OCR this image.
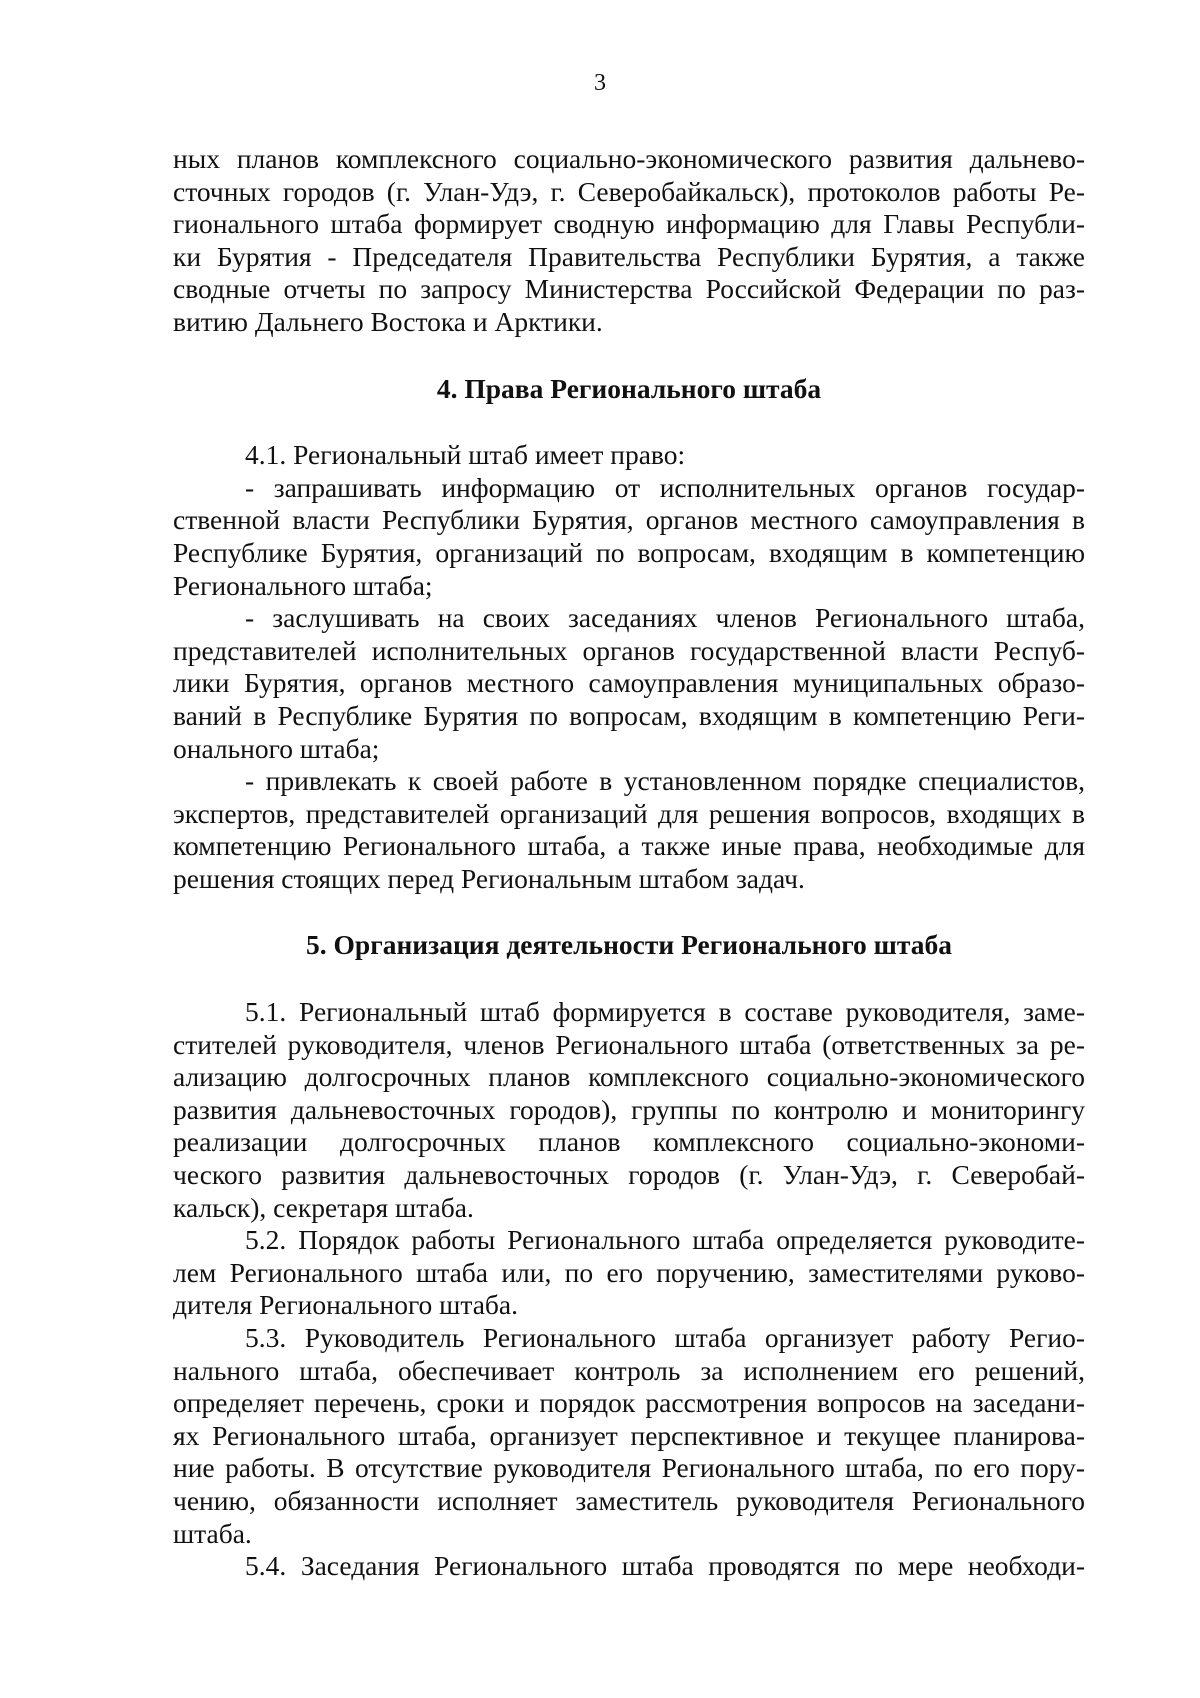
3
ных планов комплексного социально-экономического развития дальнево-
сточных городов (г. Улан-Удэ, г. Северобайкальск), протоколов работы Ре-
гионального штаба формирует сводную информацию для Главы Республи-
ки Бурятия - Председателя Правительства Республики Бурятия, а также
сводные отчеты по запросу Министерства Российской Федерации по раз-
витию Дальнего Востока и Арктики.
4. Права Регионального штаба
4.1. Региональный штаб имеет право:
- запрашивать информацию от исполнительных органов государ-
ственной власти Республики Бурятия, органов местного самоуправления в
Республике Бурятия, организаций по вопросам, входящим в компетенцию
Регионального штаба;
- заслушивать на своих заседаниях членов Регионального штаба,
представителей исполнительных органов государственной власти Респуб-
лики Бурятия, органов местного самоуправления муниципальных образо-
ваний в Республике Бурятия по вопросам, входящим в компетенцию Реги-
онального штаба;
- привлекать к своей работе в установленном порядке специалистов,
экспертов, представителей организаций для решения вопросов, входящих в
компетенцию Регионального штаба, а также иные права, необходимые для
решения стоящих перед Региональным штабом задач.
5. Организация деятельности Регионального штаба
5.1. Региональный штаб формируется в составе руководителя, заме-
стителей руководителя, членов Регионального штаба (ответственных за ре-
ализацию долгосрочных планов комплексного социально-экономического
развития дальневосточных городов), группы по контролю и мониторингу
реализации долгосрочных планов комплексного социально-экономи-
ческого развития дальневосточных городов (г. Улан-Удэ, г. Северобай-
кальск), секретаря штаба.
5.2. Порядок работы Регионального штаба определяется руководите-
лем Регионального штаба или, по его поручению, заместителями руково-
дителя Регионального штаба.
5.3. Руководитель Регионального штаба организует работу Регио-
нального штаба, обеспечивает контроль за исполнением его решений,
определяет перечень, сроки и порядок рассмотрения вопросов на заседани-
ях Регионального штаба, организует перспективное и текущее планирова-
ние работы. В отсутствие руководителя Регионального штаба, по его пору-
чению, обязанности исполняет заместитель руководителя Регионального
штаба.
5.4. Заседания Регионального штаба проводятся по мере необходи-
